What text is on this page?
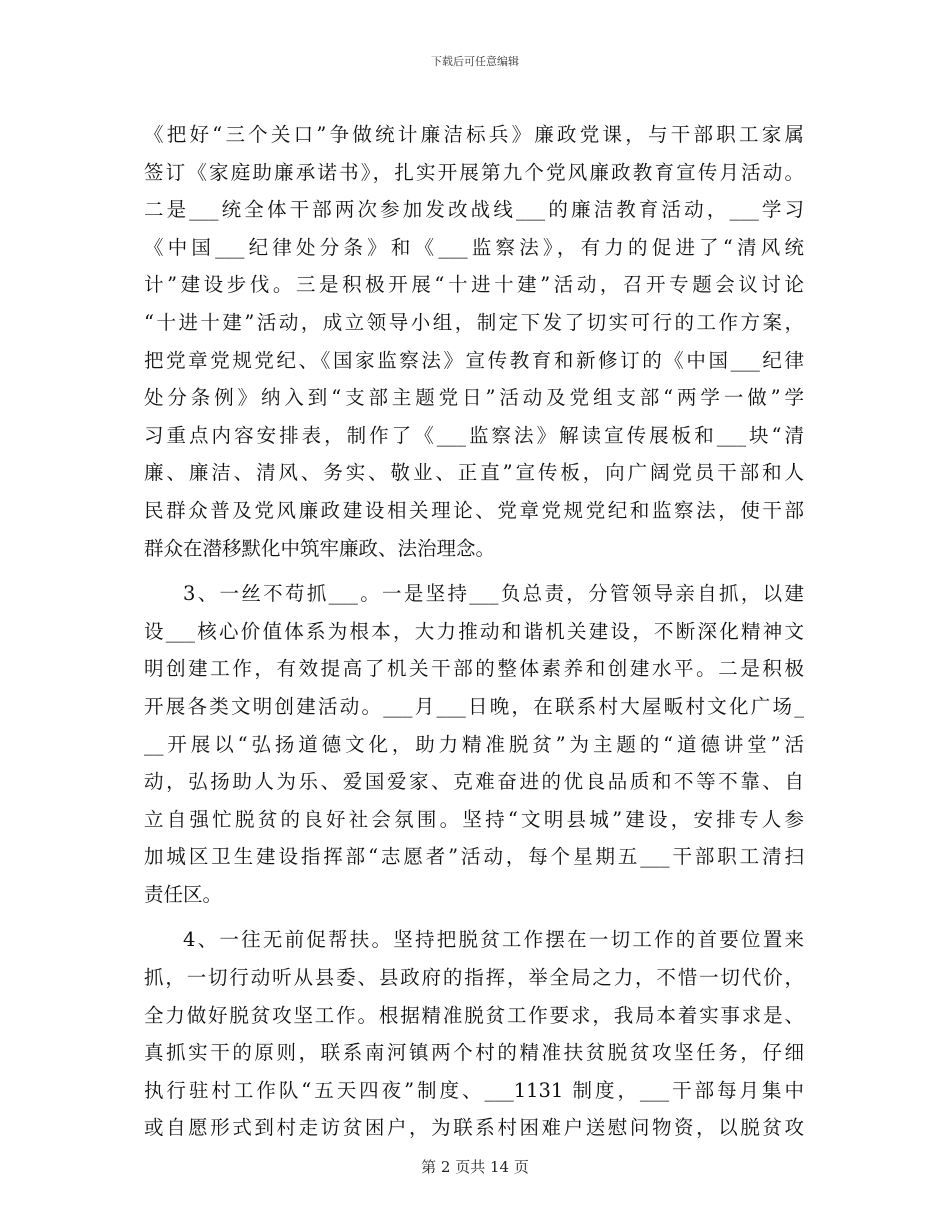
下载后可任意编辑
《把好“三个关口”争做统计廉洁标兵》廉政党课，与干部职工家属
签订《家庭助廉承诺书》，扎实开展第九个党风廉政教育宣传月活动。
二是___统全体干部两次参加发改战线___的廉洁教育活动，___学习
《中国___纪律处分条》和《___监察法》，有力的促进了“清风统
计”建设步伐。三是积极开展“十进十建”活动，召开专题会议讨论
“十进十建”活动，成立领导小组，制定下发了切实可行的工作方案，
把党章党规党纪、《国家监察法》宣传教育和新修订的《中国___纪律
处分条例》纳入到“支部主题党日”活动及党组支部“两学一做”学
习重点内容安排表，制作了《___监察法》解读宣传展板和___块“清
廉、廉洁、清风、务实、敬业、正直”宣传板，向广阔党员干部和人
民群众普及党风廉政建设相关理论、党章党规党纪和监察法，使干部
群众在潜移默化中筑牢廉政、法治理念。
3、一丝不苟抓___。一是坚持___负总责，分管领导亲自抓，以建
设___核心价值体系为根本，大力推动和谐机关建设，不断深化精神文
明创建工作，有效提高了机关干部的整体素养和创建水平。二是积极
开展各类文明创建活动。___月___日晚，在联系村大屋畈村文化广场_
__开展以“弘扬道德文化，助力精准脱贫”为主题的“道德讲堂”活
动，弘扬助人为乐、爱国爱家、克难奋进的优良品质和不等不靠、自
立自强忙脱贫的良好社会氛围。坚持“文明县城”建设，安排专人参
加城区卫生建设指挥部“志愿者”活动，每个星期五___干部职工清扫
责任区。
4、一往无前促帮扶。坚持把脱贫工作摆在一切工作的首要位置来
抓，一切行动听从县委、县政府的指挥，举全局之力，不惜一切代价，
全力做好脱贫攻坚工作。根据精准脱贫工作要求，我局本着实事求是、
真抓实干的原则，联系南河镇两个村的精准扶贫脱贫攻坚任务，仔细
执行驻村工作队“五天四夜”制度、___1131 制度，___干部每月集中
或自愿形式到村走访贫困户，为联系村困难户送慰问物资，以脱贫攻
第 2 页共 14 页
